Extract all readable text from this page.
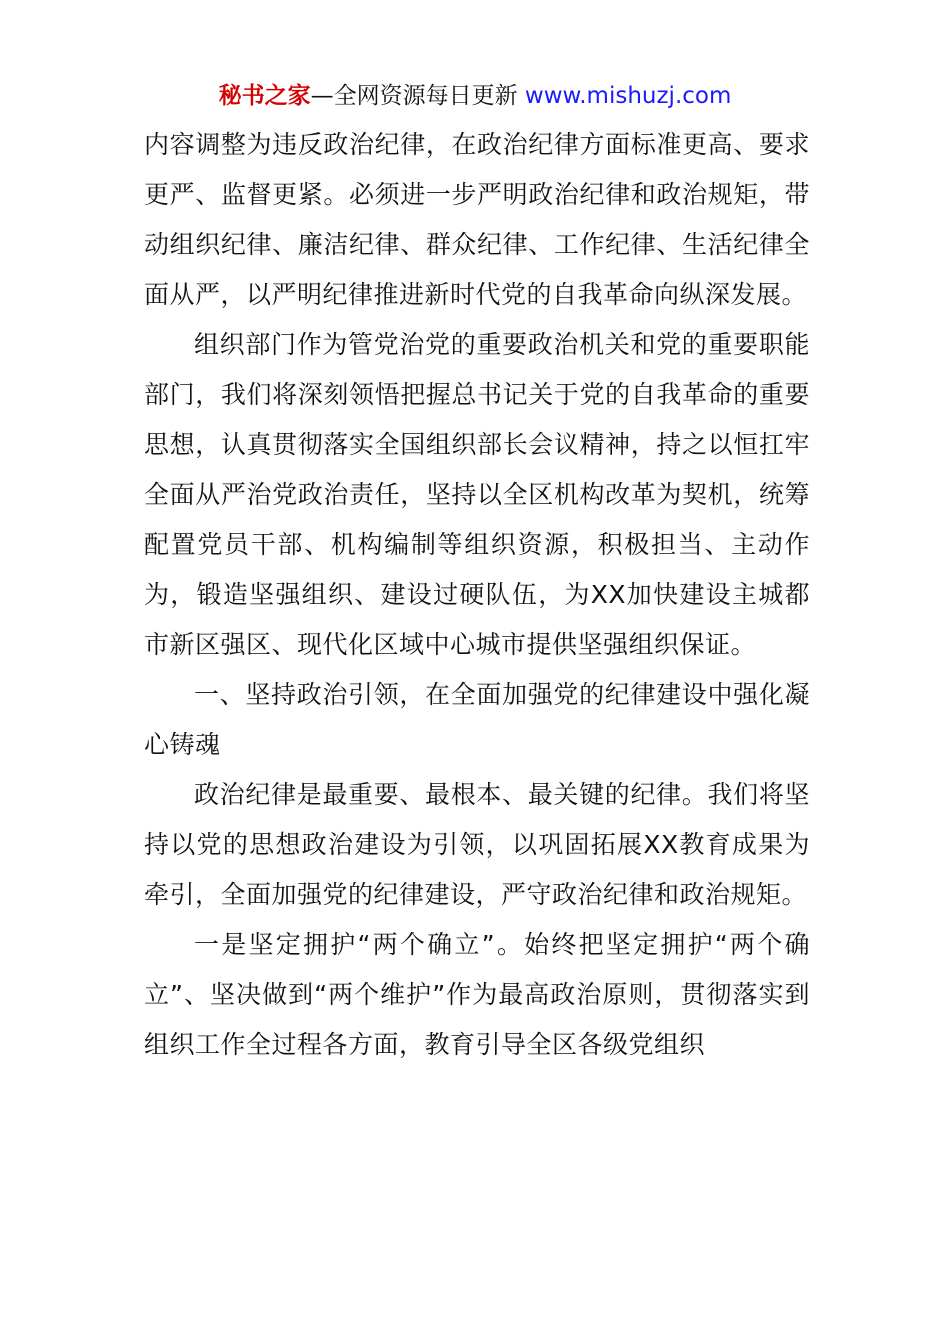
秘书之家—全网资源每日更新 www.mishuzj.com

内容调整为违反政治纪律，在政治纪律方面标准更高、要求更严、监督更紧。必须进一步严明政治纪律和政治规矩，带动组织纪律、廉洁纪律、群众纪律、工作纪律、生活纪律全面从严，以严明纪律推进新时代党的自我革命向纵深发展。

组织部门作为管党治党的重要政治机关和党的重要职能部门，我们将深刻领悟把握总书记关于党的自我革命的重要思想，认真贯彻落实全国组织部长会议精神，持之以恒扛牢全面从严治党政治责任，坚持以全区机构改革为契机，统筹配置党员干部、机构编制等组织资源，积极担当、主动作为，锻造坚强组织、建设过硬队伍，为XX加快建设主城都市新区强区、现代化区域中心城市提供坚强组织保证。

一、坚持政治引领，在全面加强党的纪律建设中强化凝心铸魂

政治纪律是最重要、最根本、最关键的纪律。我们将坚持以党的思想政治建设为引领，以巩固拓展XX教育成果为牵引，全面加强党的纪律建设，严守政治纪律和政治规矩。

一是坚定拥护“两个确立”。始终把坚定拥护“两个确立”、坚决做到“两个维护”作为最高政治原则，贯彻落实到组织工作全过程各方面，教育引导全区各级党组织
